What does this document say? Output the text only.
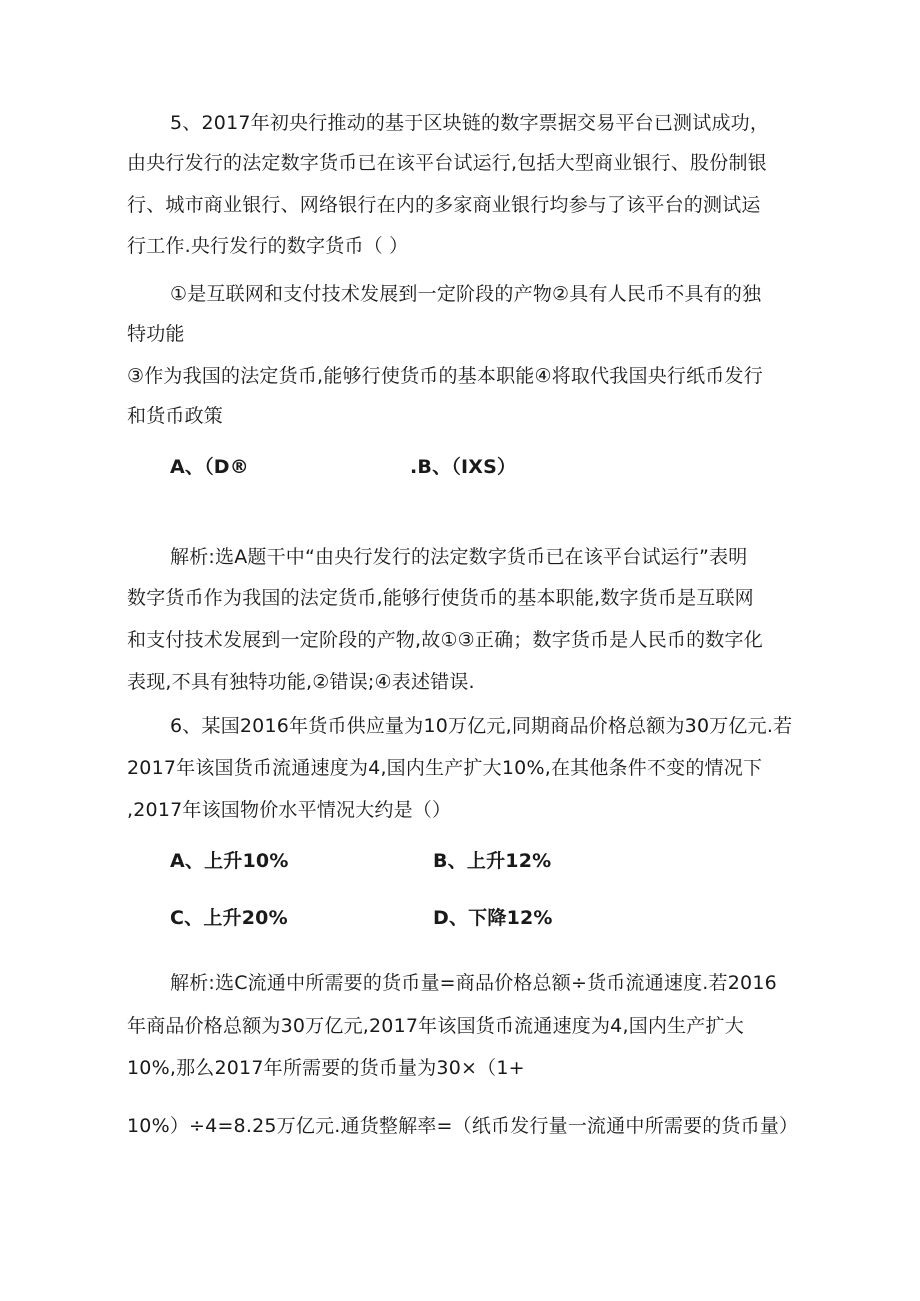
5、2017年初央行推动的基于区块链的数字票据交易平台已测试成功，
由央行发行的法定数字货币已在该平台试运行,包括大型商业银行、股份制银
行、城市商业银行、网络银行在内的多家商业银行均参与了该平台的测试运
行工作.央行发行的数字货币（ ）
①是互联网和支付技术发展到一定阶段的产物②具有人民币不具有的独
特功能
③作为我国的法定货币,能够行使货币的基本职能④将取代我国央行纸币发行
和货币政策
A、（D®	.B、（IXS）
解析:选A题干中“由央行发行的法定数字货币已在该平台试运行”表明
数字货币作为我国的法定货币,能够行使货币的基本职能,数字货币是互联网
和支付技术发展到一定阶段的产物,故①③正确；数字货币是人民币的数字化
表现,不具有独特功能,②错误;④表述错误.
6、某国2016年货币供应量为10万亿元,同期商品价格总额为30万亿元.若
2017年该国货币流通速度为4,国内生产扩大10%,在其他条件不变的情况下
,2017年该国物价水平情况大约是（）
A、上升10%	B、上升12%
C、上升20%	D、下降12%
解析:选C流通中所需要的货币量=商品价格总额÷货币流通速度.若2016
年商品价格总额为30万亿元,2017年该国货币流通速度为4,国内生产扩大
10%,那么2017年所需要的货币量为30×（1+
10%）÷4=8.25万亿元.通货整解率=（纸币发行量一流通中所需要的货币量）
